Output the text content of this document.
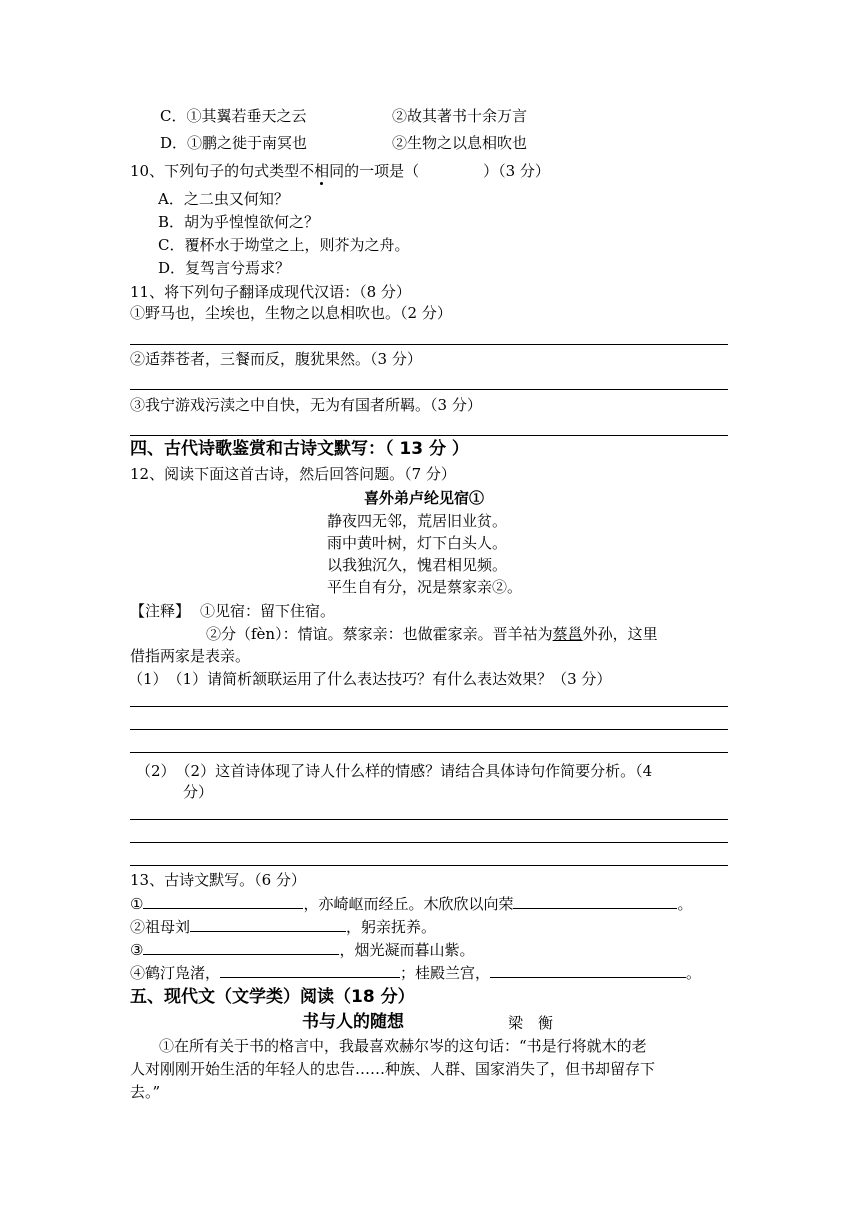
C．①其翼若垂天之云	②故其著书十余万言
D．①鹏之徙于南冥也	②生物之以息相吹也
10、下列句子的句式类型不相同的一项是（	）（3 分）
A．之二虫又何知？
B．胡为乎惶惶欲何之？
C．覆杯水于坳堂之上，则芥为之舟。
D．复驾言兮焉求？
11、将下列句子翻译成现代汉语：（8 分）
①野马也，尘埃也，生物之以息相吹也。（2 分）
②适莽苍者，三餐而反，腹犹果然。（3 分）
③我宁游戏污渎之中自快，无为有国者所羁。（3 分）
四、古代诗歌鉴赏和古诗文默写：（ 13 分 ）
12、阅读下面这首古诗，然后回答问题。（7 分）
喜外弟卢纶见宿①
静夜四无邻，荒居旧业贫。
雨中黄叶树，灯下白头人。
以我独沉久，愧君相见频。
平生自有分，况是蔡家亲②。
【注释】 ①见宿：留下住宿。
②分（fèn）：情谊。蔡家亲：也做霍家亲。晋羊祜为蔡邕外孙，这里
借指两家是表亲。
（1）　（1）请简析颔联运用了什么表达技巧？有什么表达效果？（3 分）
（2）　（2）这首诗体现了诗人什么样的情感？请结合具体诗句作简要分析。（4
分）
13、古诗文默写。（6 分）
①	，亦崎岖而经丘。木欣欣以向荣	。
②祖母刘	，躬亲抚养。
③	，烟光凝而暮山紫。
④鹤汀凫渚，	；桂殿兰宫，	。
五、现代文（文学类）阅读（18 分）
书与人的随想	梁　衡
①在所有关于书的格言中，我最喜欢赫尔岑的这句话：“书是行将就木的老
人对刚刚开始生活的年轻人的忠告……种族、人群、国家消失了，但书却留存下
去。”
